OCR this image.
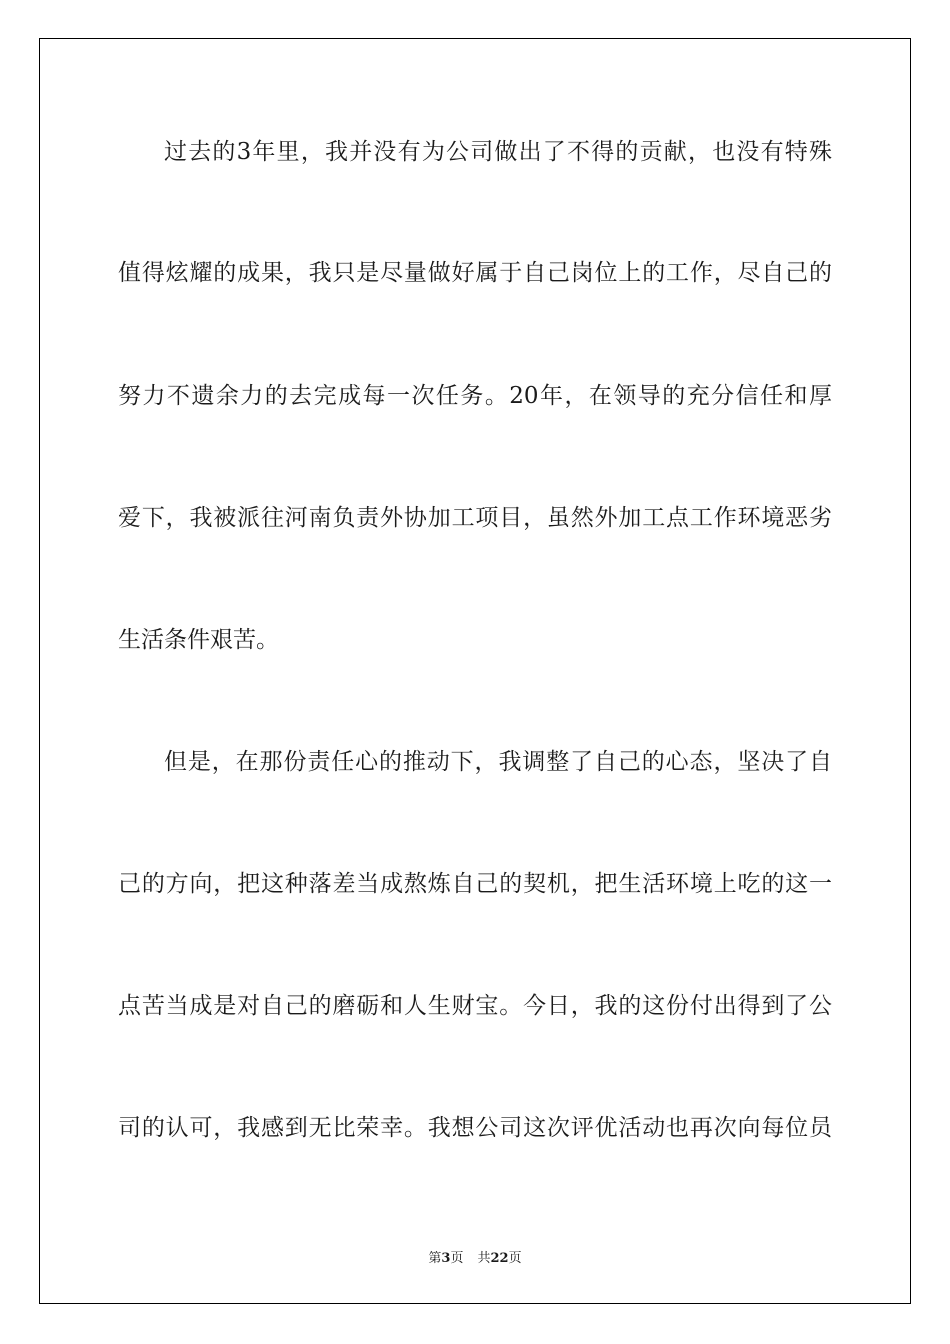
过去的3年里，我并没有为公司做出了不得的贡献，也没有特殊
值得炫耀的成果，我只是尽量做好属于自己岗位上的工作，尽自己的
努力不遗余力的去完成每一次任务。20年，在领导的充分信任和厚
爱下，我被派往河南负责外协加工项目，虽然外加工点工作环境恶劣
生活条件艰苦。
但是，在那份责任心的推动下，我调整了自己的心态，坚决了自
己的方向，把这种落差当成熬炼自己的契机，把生活环境上吃的这一
点苦当成是对自己的磨砺和人生财宝。今日，我的这份付出得到了公
司的认可，我感到无比荣幸。我想公司这次评优活动也再次向每位员
第3页 共22页
